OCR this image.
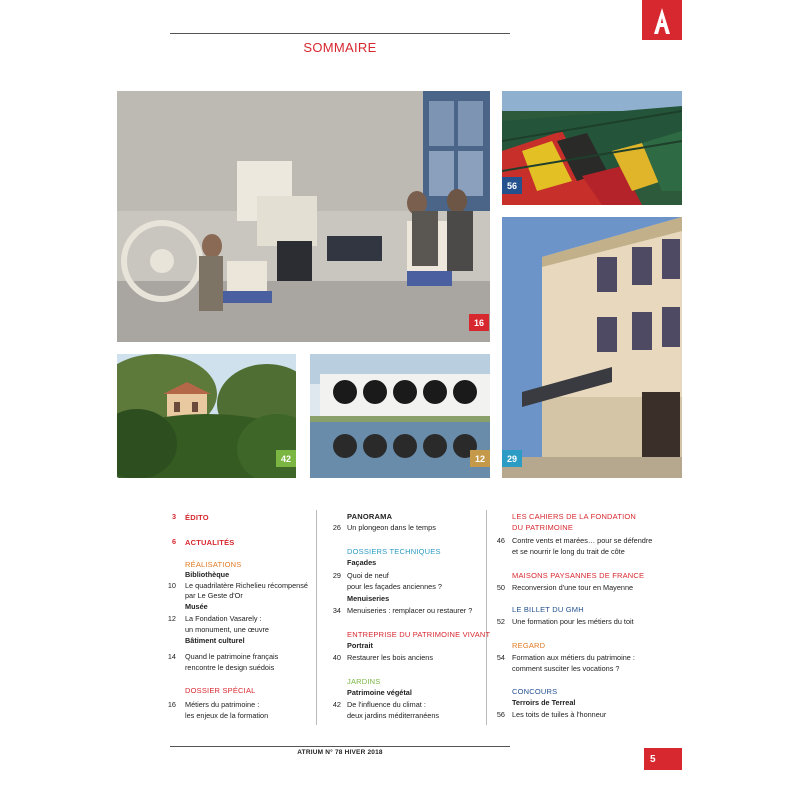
SOMMAIRE
16
56
42	12	29
3 ÉDITO
6 ACTUALITÉS
RÉALISATIONS
Bibliothèque
10 Le quadrilatère Richelieu récompensé
par Le Geste d'Or
Musée
12 La Fondation Vasarely :
un monument, une œuvre
Bâtiment culturel
14 Quand le patrimoine français
rencontre le design suédois
DOSSIER SPÉCIAL
16 Métiers du patrimoine :
les enjeux de la formation
PANORAMA
26 Un plongeon dans le temps
DOSSIERS TECHNIQUES
Façades
29 Quoi de neuf
pour les façades anciennes ?
Menuiseries
34 Menuiseries : remplacer ou restaurer ?
ENTREPRISE DU PATRIMOINE VIVANT
Portrait
40 Restaurer les bois anciens
JARDINS
Patrimoine végétal
42 De l'influence du climat :
deux jardins méditerranéens
LES CAHIERS DE LA FONDATION
DU PATRIMOINE
46 Contre vents et marées… pour se défendre
et se nourrir le long du trait de côte
MAISONS PAYSANNES DE FRANCE
50 Reconversion d'une tour en Mayenne
LE BILLET DU GMH
52 Une formation pour les métiers du toit
REGARD
54 Formation aux métiers du patrimoine :
comment susciter les vocations ?
CONCOURS
Terroirs de Terreal
56 Les toits de tuiles à l'honneur
ATRIUM N° 78 HIVER 2018
5
